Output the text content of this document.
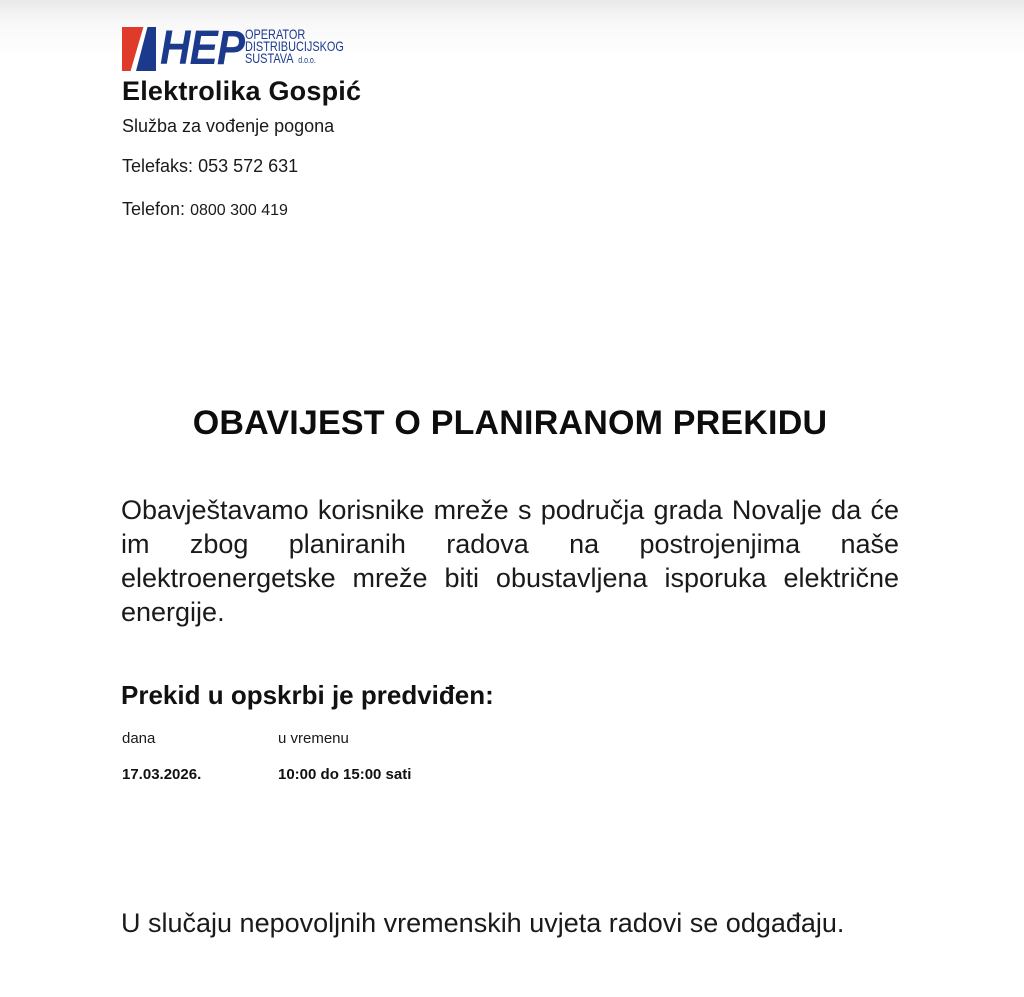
HEP OPERATOR
DISTRIBUCIJSKOG
SUSTAVA d.o.o.
Elektrolika Gospić
Služba za vođenje pogona
Telefaks: 053 572 631
Telefon: 0800 300 419
OBAVIJEST O PLANIRANOM PREKIDU
Obavještavamo korisnike mreže s područja grada Novalje da će im zbog planiranih radova na postrojenjima naše elektroenergetske mreže biti obustavljena isporuka električne energije.
Prekid u opskrbi je predviđen:
dana	u vremenu
17.03.2026.	10:00 do 15:00 sati
U slučaju nepovoljnih vremenskih uvjeta radovi se odgađaju.
